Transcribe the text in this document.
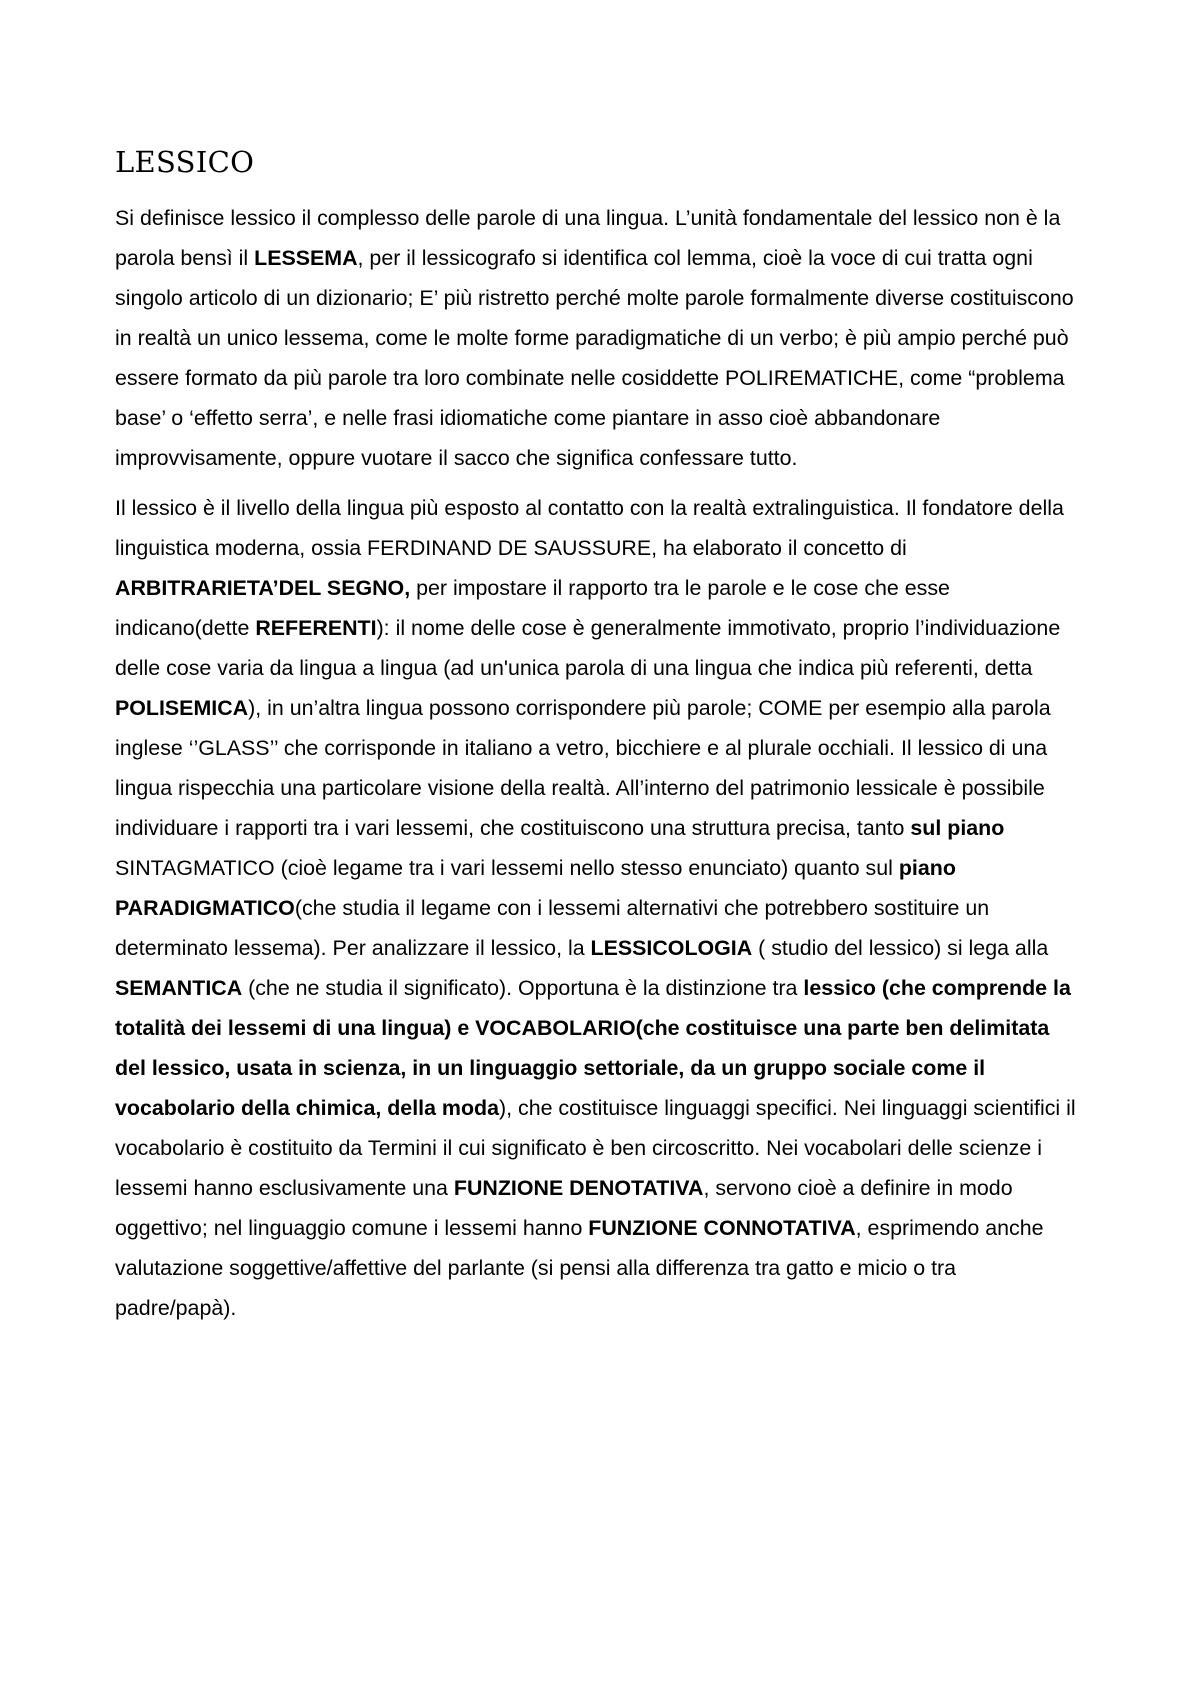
LESSICO

Si definisce lessico il complesso delle parole di una lingua. L’unità fondamentale del lessico non è la parola bensì il LESSEMA, per il lessicografo si identifica col lemma, cioè la voce di cui tratta ogni singolo articolo di un dizionario; E’ più ristretto perché molte parole formalmente diverse costituiscono in realtà un unico lessema, come le molte forme paradigmatiche di un verbo; è più ampio perché può essere formato da più parole tra loro combinate nelle cosiddette POLIREMATICHE, come “problema base’ o ‘effetto serra’, e nelle frasi idiomatiche come piantare in asso cioè abbandonare improvvisamente, oppure vuotare il sacco che significa confessare tutto.

Il lessico è il livello della lingua più esposto al contatto con la realtà extralinguistica. Il fondatore della linguistica moderna, ossia FERDINAND DE SAUSSURE, ha elaborato il concetto di ARBITRARIETA’DEL SEGNO, per impostare il rapporto tra le parole e le cose che esse indicano(dette REFERENTI): il nome delle cose è generalmente immotivato, proprio l’individuazione delle cose varia da lingua a lingua (ad un'unica parola di una lingua che indica più referenti, detta POLISEMICA), in un’altra lingua possono corrispondere più parole; COME per esempio alla parola inglese ‘’GLASS’’ che corrisponde in italiano a vetro, bicchiere e al plurale occhiali. Il lessico di una lingua rispecchia una particolare visione della realtà. All’interno del patrimonio lessicale è possibile individuare i rapporti tra i vari lessemi, che costituiscono una struttura precisa, tanto sul piano SINTAGMATICO (cioè legame tra i vari lessemi nello stesso enunciato) quanto sul piano PARADIGMATICO(che studia il legame con i lessemi alternativi che potrebbero sostituire un determinato lessema). Per analizzare il lessico, la LESSICOLOGIA ( studio del lessico) si lega alla SEMANTICA (che ne studia il significato). Opportuna è la distinzione tra lessico (che comprende la totalità dei lessemi di una lingua) e VOCABOLARIO(che costituisce una parte ben delimitata del lessico, usata in scienza, in un linguaggio settoriale, da un gruppo sociale come il vocabolario della chimica, della moda), che costituisce linguaggi specifici. Nei linguaggi scientifici il vocabolario è costituito da Termini il cui significato è ben circoscritto. Nei vocabolari delle scienze i lessemi hanno esclusivamente una FUNZIONE DENOTATIVA, servono cioè a definire in modo oggettivo; nel linguaggio comune i lessemi hanno FUNZIONE CONNOTATIVA, esprimendo anche valutazione soggettive/affettive del parlante (si pensi alla differenza tra gatto e micio o tra padre/papà).
